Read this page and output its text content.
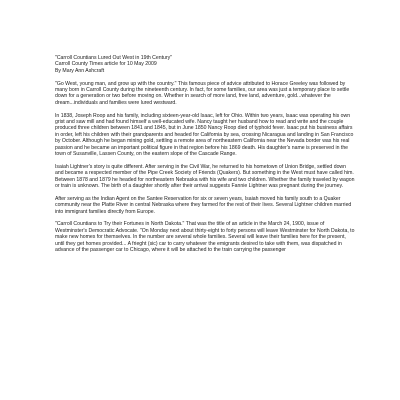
"Carroll Countians Lured Out West in 19th Century"
Carroll County Times article for 10 May 2009
By Mary Ann Ashcraft

"Go West, young man, and grow up with the country." This famous piece of advice attributed to Horace Greeley was followed by many born in Carroll County during the nineteenth century. In fact, for some families, our area was just a temporary place to settle down for a generation or two before moving on. Whether in search of more land, free land, adventure, gold...whatever the dream...individuals and families were lured westward.

In 1838, Joseph Roop and his family, including sixteen-year-old Isaac, left for Ohio. Within two years, Isaac was operating his own grist and saw mill and had found himself a well-educated wife. Nancy taught her husband how to read and write and the couple produced three children between 1841 and 1845, but in June 1850 Nancy Roop died of typhoid fever. Isaac put his business affairs in order, left his children with their grandparents and headed for California by sea, crossing Nicaragua and landing in San Francisco by October. Although he began mining gold, settling a remote area of northeastern California near the Nevada border was his real passion and he became an important political figure in that region before his 1869 death. His daughter's name is preserved in the town of Susanville, Lassen County, on the eastern slope of the Cascade Range.

Isaiah Lightner's story is quite different. After serving in the Civil War, he returned to his hometown of Union Bridge, settled down and became a respected member of the Pipe Creek Society of Friends (Quakers). But something in the West must have called him. Between 1878 and 1879 he headed for northeastern Nebraska with his wife and two children. Whether the family traveled by wagon or train is unknown. The birth of a daughter shortly after their arrival suggests Fannie Lightner was pregnant during the journey.

After serving as the Indian Agent on the Santee Reservation for six or seven years, Isaiah moved his family south to a Quaker community near the Platte River in central Nebraska where they farmed for the rest of their lives. Several Lightner children married into immigrant families directly from Europe.

"Carroll Countians to Try their Fortunes in North Dakota." That was the title of an article in the March 24, 1900, issue of Westminster's Democratic Advocate. "On Monday next about thirty-eight to forty persons will leave Westminster for North Dakota, to make new homes for themselves. In the number are several whole families. Several will leave their families here for the present, until they get homes provided... A frieght (sic) car to carry whatever the emigrants desired to take with them, was dispatched in advance of the passenger car to Chicago, where it will be attached to the train carrying the passenger
